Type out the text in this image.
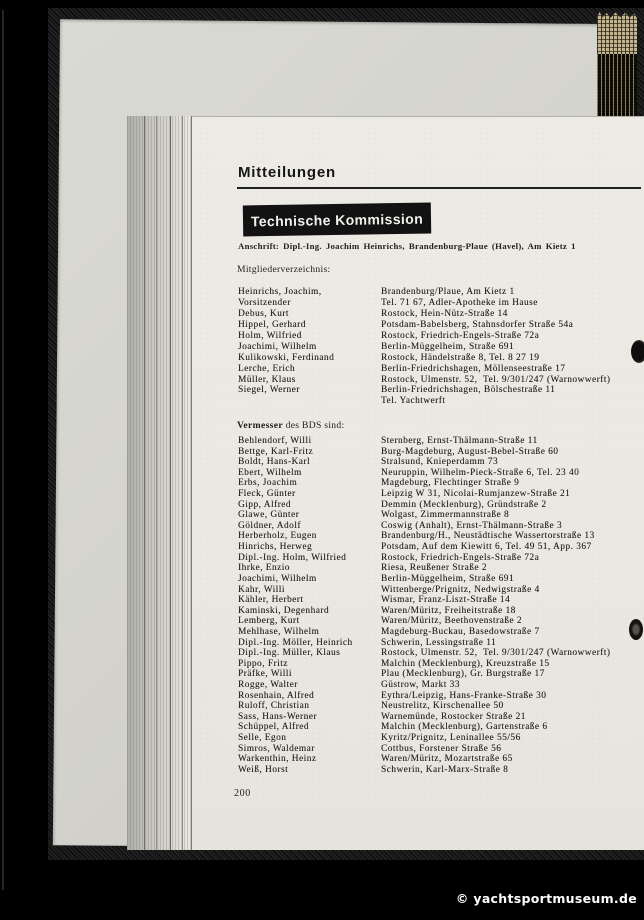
Mitteilungen
Technische Kommission
Anschrift: Dipl.-Ing. Joachim Heinrichs, Brandenburg-Plaue (Havel), Am Kietz 1
Mitgliederverzeichnis:
Heinrichs, Joachim,	Brandenburg/Plaue, Am Kietz 1
Vorsitzender	Tel. 71 67, Adler-Apotheke im Hause
Debus, Kurt	Rostock, Hein-Nütz-Straße 14
Hippel, Gerhard	Potsdam-Babelsberg, Stahnsdorfer Straße 54a
Holm, Wilfried	Rostock, Friedrich-Engels-Straße 72a
Joachimi, Wilhelm	Berlin-Müggelheim, Straße 691
Kulikowski, Ferdinand	Rostock, Händelstraße 8, Tel. 8 27 19
Lerche, Erich	Berlin-Friedrichshagen, Möllenseestraße 17
Müller, Klaus	Rostock, Ulmenstr. 52,  Tel. 9/301/247 (Warnowwerft)
Siegel, Werner	Berlin-Friedrichshagen, Bölschestraße 11
Tel. Yachtwerft
Vermesser des BDS sind:
Behlendorf, Willi	Sternberg, Ernst-Thälmann-Straße 11
Bettge, Karl-Fritz	Burg-Magdeburg, August-Bebel-Straße 60
Boldt, Hans-Karl	Stralsund, Knieperdamm 73
Ebert, Wilhelm	Neuruppin, Wilhelm-Pieck-Straße 6, Tel. 23 40
Erbs, Joachim	Magdeburg, Flechtinger Straße 9
Fleck, Günter	Leipzig W 31, Nicolai-Rumjanzew-Straße 21
Gipp, Alfred	Demmin (Mecklenburg), Gründstraße 2
Glawe, Günter	Wolgast, Zimmermannstraße 8
Göldner, Adolf	Coswig (Anhalt), Ernst-Thälmann-Straße 3
Herberholz, Eugen	Brandenburg/H., Neustädtische Wassertorstraße 13
Hinrichs, Herweg	Potsdam, Auf dem Kiewitt 6, Tel. 49 51, App. 367
Dipl.-Ing. Holm, Wilfried	Rostock, Friedrich-Engels-Straße 72a
Ihrke, Enzio	Riesa, Reußener Straße 2
Joachimi, Wilhelm	Berlin-Müggelheim, Straße 691
Kahr, Willi	Wittenberge/Prignitz, Nedwigstraße 4
Kähler, Herbert	Wismar, Franz-Liszt-Straße 14
Kaminski, Degenhard	Waren/Müritz, Freiheitstraße 18
Lemberg, Kurt	Waren/Müritz, Beethovenstraße 2
Mehlhase, Wilhelm	Magdeburg-Buckau, Basedowstraße 7
Dipl.-Ing. Möller, Heinrich	Schwerin, Lessingstraße 11
Dipl.-Ing. Müller, Klaus	Rostock, Ulmenstr. 52,  Tel. 9/301/247 (Warnowwerft)
Pippo, Fritz	Malchin (Mecklenburg), Kreuzstraße 15
Präfke, Willi	Plau (Mecklenburg), Gr. Burgstraße 17
Rogge, Walter	Güstrow, Markt 33
Rosenhain, Alfred	Eythra/Leipzig, Hans-Franke-Straße 30
Ruloff, Christian	Neustrelitz, Kirschenallee 50
Sass, Hans-Werner	Warnemünde, Rostocker Straße 21
Schüppel, Alfred	Malchin (Mecklenburg), Gartenstraße 6
Selle, Egon	Kyritz/Prignitz, Leninallee 55/56
Simros, Waldemar	Cottbus, Forstener Straße 56
Warkenthin, Heinz	Waren/Müritz, Mozartstraße 65
Weiß, Horst	Schwerin, Karl-Marx-Straße 8
200
© yachtsportmuseum.de
